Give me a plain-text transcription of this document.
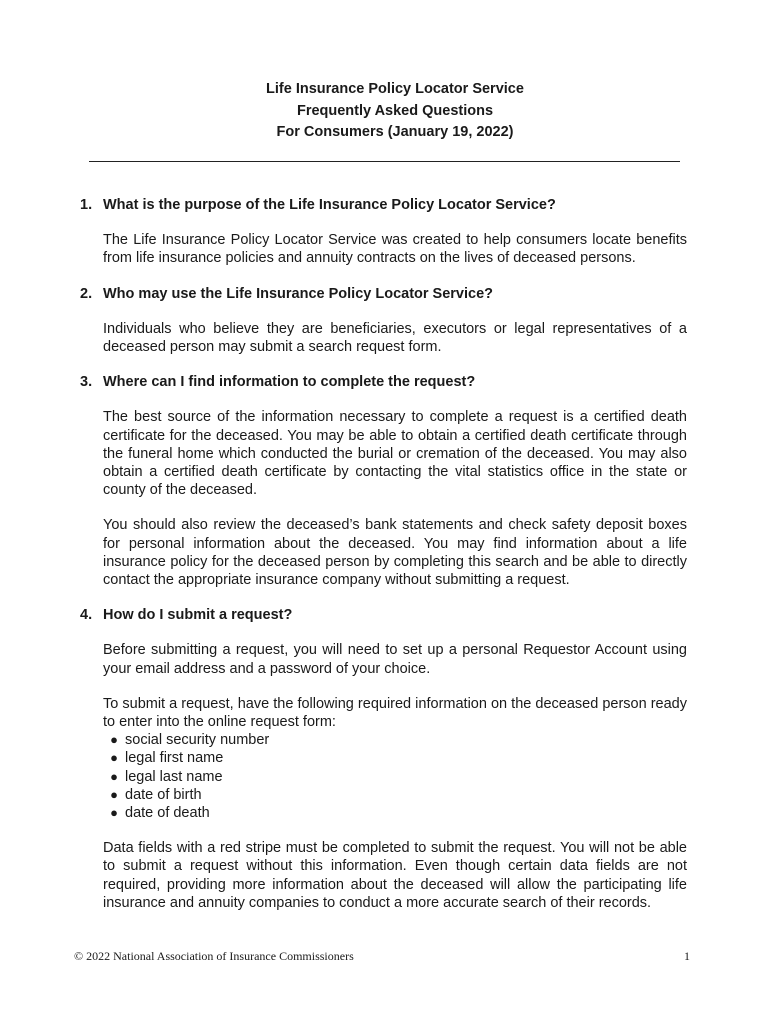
Life Insurance Policy Locator Service
Frequently Asked Questions
For Consumers (January 19, 2022)
1. What is the purpose of the Life Insurance Policy Locator Service?
The Life Insurance Policy Locator Service was created to help consumers locate benefits from life insurance policies and annuity contracts on the lives of deceased persons.
2. Who may use the Life Insurance Policy Locator Service?
Individuals who believe they are beneficiaries, executors or legal representatives of a deceased person may submit a search request form.
3. Where can I find information to complete the request?
The best source of the information necessary to complete a request is a certified death certificate for the deceased. You may be able to obtain a certified death certificate through the funeral home which conducted the burial or cremation of the deceased. You may also obtain a certified death certificate by contacting the vital statistics office in the state or county of the deceased.
You should also review the deceased’s bank statements and check safety deposit boxes for personal information about the deceased. You may find information about a life insurance policy for the deceased person by completing this search and be able to directly contact the appropriate insurance company without submitting a request.
4. How do I submit a request?
Before submitting a request, you will need to set up a personal Requestor Account using your email address and a password of your choice.
To submit a request, have the following required information on the deceased person ready to enter into the online request form:
● social security number
● legal first name
● legal last name
● date of birth
● date of death
Data fields with a red stripe must be completed to submit the request. You will not be able to submit a request without this information. Even though certain data fields are not required, providing more information about the deceased will allow the participating life insurance and annuity companies to conduct a more accurate search of their records.
© 2022 National Association of Insurance Commissioners	1
